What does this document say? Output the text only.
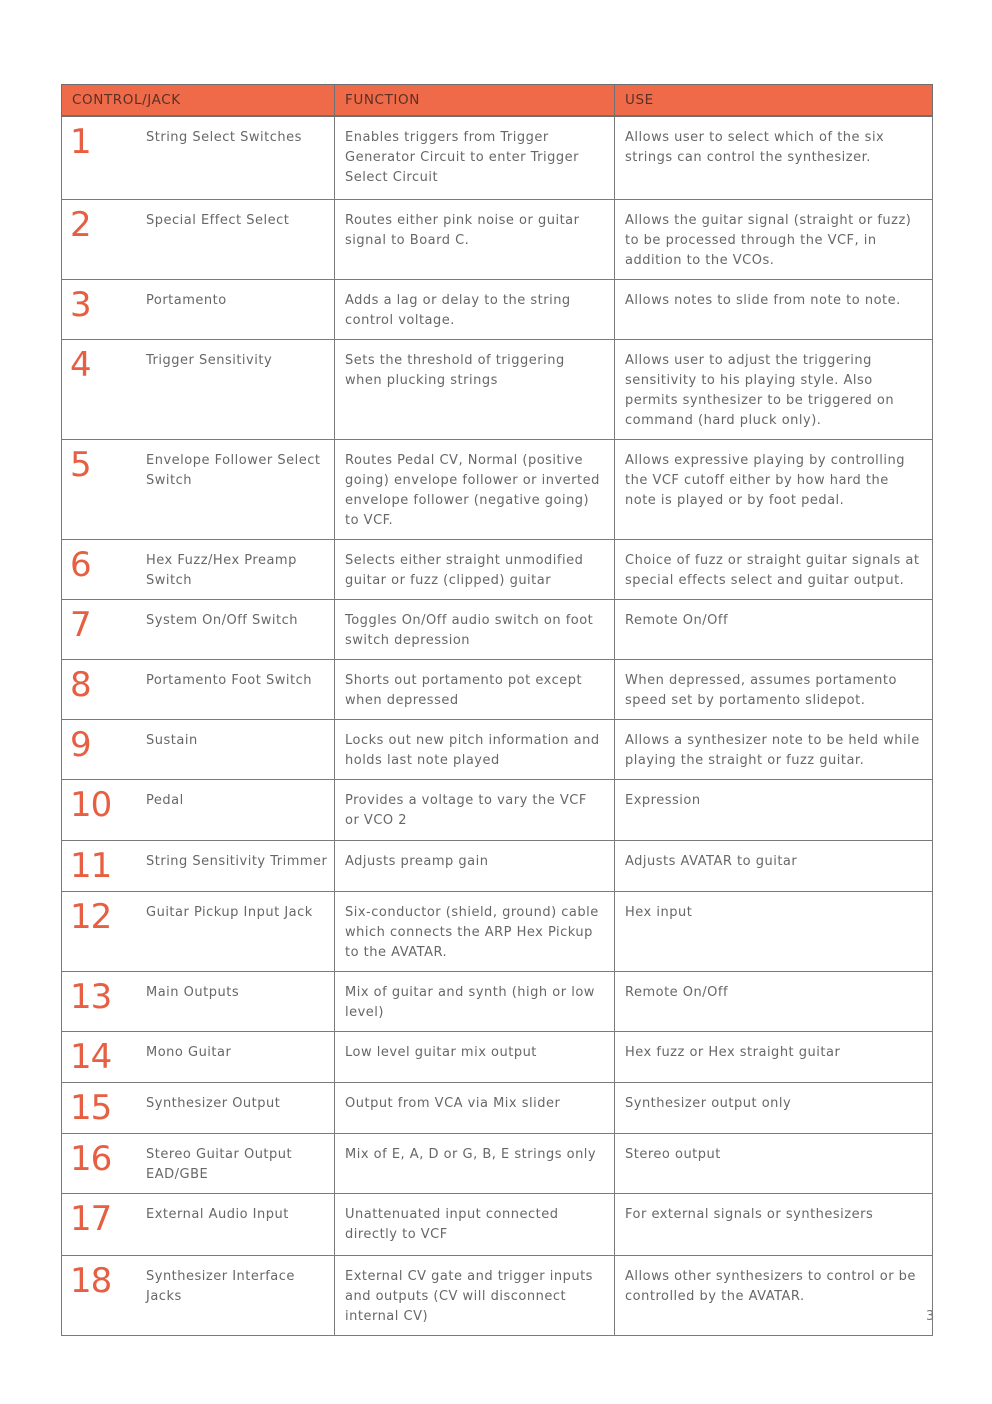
CONTROL/JACK	FUNCTION	USE

1 String Select Switches	Enables triggers from Trigger Generator Circuit to enter Trigger Select Circuit	Allows user to select which of the six strings can control the synthesizer.

2 Special Effect Select	Routes either pink noise or guitar signal to Board C.	Allows the guitar signal (straight or fuzz) to be processed through the VCF, in addition to the VCOs.

3 Portamento	Adds a lag or delay to the string control voltage.	Allows notes to slide from note to note.

4 Trigger Sensitivity	Sets the threshold of triggering when plucking strings	Allows user to adjust the triggering sensitivity to his playing style. Also permits synthesizer to be triggered on command (hard pluck only).

5 Envelope Follower Select Switch	Routes Pedal CV, Normal (positive going) envelope follower or inverted envelope follower (negative going) to VCF.	Allows expressive playing by controlling the VCF cutoff either by how hard the note is played or by foot pedal.

6 Hex Fuzz/Hex Preamp Switch	Selects either straight unmodified guitar or fuzz (clipped) guitar	Choice of fuzz or straight guitar signals at special effects select and guitar output.

7 System On/Off Switch	Toggles On/Off audio switch on foot switch depression	Remote On/Off

8 Portamento Foot Switch	Shorts out portamento pot except when depressed	When depressed, assumes portamento speed set by portamento slidepot.

9 Sustain	Locks out new pitch information and holds last note played	Allows a synthesizer note to be held while playing the straight or fuzz guitar.

10 Pedal	Provides a voltage to vary the VCF or VCO 2	Expression

11 String Sensitivity Trimmer	Adjusts preamp gain	Adjusts AVATAR to guitar

12 Guitar Pickup Input Jack	Six-conductor (shield, ground) cable which connects the ARP Hex Pickup to the AVATAR.	Hex input

13 Main Outputs	Mix of guitar and synth (high or low level)	Remote On/Off

14 Mono Guitar	Low level guitar mix output	Hex fuzz or Hex straight guitar

15 Synthesizer Output	Output from VCA via Mix slider	Synthesizer output only

16 Stereo Guitar Output EAD/GBE	Mix of E, A, D or G, B, E strings only	Stereo output

17 External Audio Input	Unattenuated input connected directly to VCF	For external signals or synthesizers

18 Synthesizer Interface Jacks	External CV gate and trigger inputs and outputs (CV will disconnect internal CV)	Allows other synthesizers to control or be controlled by the AVATAR.
3
